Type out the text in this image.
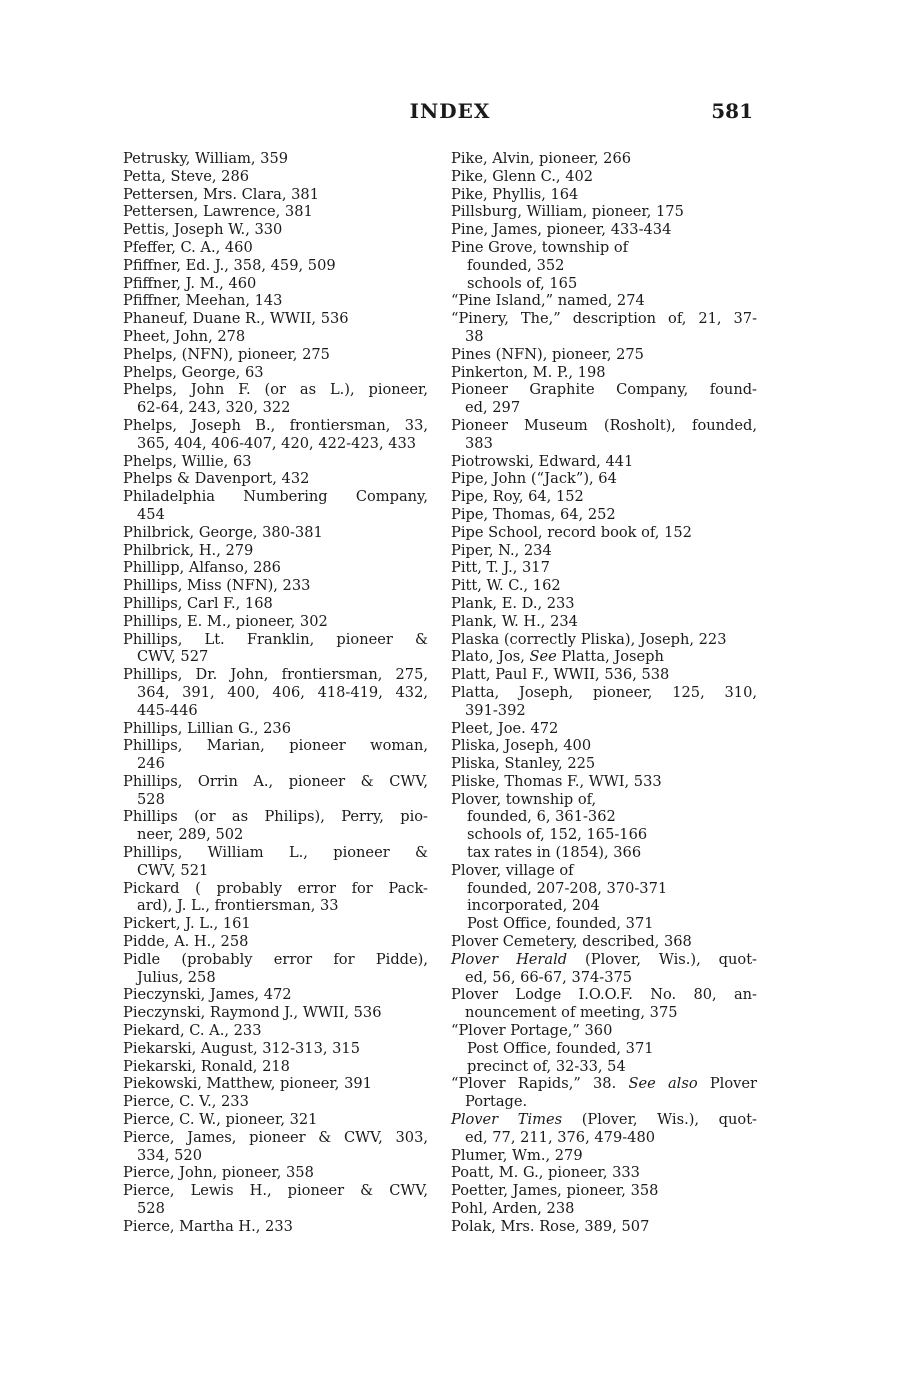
INDEX	581
Petrusky, William, 359
Petta, Steve, 286
Pettersen, Mrs. Clara, 381
Pettersen, Lawrence, 381
Pettis, Joseph W., 330
Pfeffer, C. A., 460
Pfiffner, Ed. J., 358, 459, 509
Pfiffner, J. M., 460
Pfiffner, Meehan, 143
Phaneuf, Duane R., WWII, 536
Pheet, John, 278
Phelps, (NFN), pioneer, 275
Phelps, George, 63
Phelps, John F. (or as L.), pioneer,
62-64, 243, 320, 322
Phelps, Joseph B., frontiersman, 33,
365, 404, 406-407, 420, 422-423, 433
Phelps, Willie, 63
Phelps & Davenport, 432
Philadelphia Numbering Company,
454
Philbrick, George, 380-381
Philbrick, H., 279
Phillipp, Alfanso, 286
Phillips, Miss (NFN), 233
Phillips, Carl F., 168
Phillips, E. M., pioneer, 302
Phillips, Lt. Franklin, pioneer &
CWV, 527
Phillips, Dr. John, frontiersman, 275,
364, 391, 400, 406, 418-419, 432,
445-446
Phillips, Lillian G., 236
Phillips, Marian, pioneer woman,
246
Phillips, Orrin A., pioneer & CWV,
528
Phillips (or as Philips), Perry, pio-
neer, 289, 502
Phillips, William L., pioneer &
CWV, 521
Pickard ( probably error for Pack-
ard), J. L., frontiersman, 33
Pickert, J. L., 161
Pidde, A. H., 258
Pidle (probably error for Pidde),
Julius, 258
Pieczynski, James, 472
Pieczynski, Raymond J., WWII, 536
Piekard, C. A., 233
Piekarski, August, 312-313, 315
Piekarski, Ronald, 218
Piekowski, Matthew, pioneer, 391
Pierce, C. V., 233
Pierce, C. W., pioneer, 321
Pierce, James, pioneer & CWV, 303,
334, 520
Pierce, John, pioneer, 358
Pierce, Lewis H., pioneer & CWV,
528
Pierce, Martha H., 233
Pike, Alvin, pioneer, 266
Pike, Glenn C., 402
Pike, Phyllis, 164
Pillsburg, William, pioneer, 175
Pine, James, pioneer, 433-434
Pine Grove, township of
founded, 352
schools of, 165
“Pine Island,” named, 274
“Pinery, The,” description of, 21, 37-
38
Pines (NFN), pioneer, 275
Pinkerton, M. P., 198
Pioneer Graphite Company, found-
ed, 297
Pioneer Museum (Rosholt), founded,
383
Piotrowski, Edward, 441
Pipe, John (“Jack”), 64
Pipe, Roy, 64, 152
Pipe, Thomas, 64, 252
Pipe School, record book of, 152
Piper, N., 234
Pitt, T. J., 317
Pitt, W. C., 162
Plank, E. D., 233
Plank, W. H., 234
Plaska (correctly Pliska), Joseph, 223
Plato, Jos, See Platta, Joseph
Platt, Paul F., WWII, 536, 538
Platta, Joseph, pioneer, 125, 310,
391-392
Pleet, Joe. 472
Pliska, Joseph, 400
Pliska, Stanley, 225
Pliske, Thomas F., WWI, 533
Plover, township of,
founded, 6, 361-362
schools of, 152, 165-166
tax rates in (1854), 366
Plover, village of
founded, 207-208, 370-371
incorporated, 204
Post Office, founded, 371
Plover Cemetery, described, 368
Plover Herald (Plover, Wis.), quot-
ed, 56, 66-67, 374-375
Plover Lodge I.O.O.F. No. 80, an-
nouncement of meeting, 375
“Plover Portage,” 360
Post Office, founded, 371
precinct of, 32-33, 54
“Plover Rapids,” 38. See also Plover
Portage.
Plover Times (Plover, Wis.), quot-
ed, 77, 211, 376, 479-480
Plumer, Wm., 279
Poatt, M. G., pioneer, 333
Poetter, James, pioneer, 358
Pohl, Arden, 238
Polak, Mrs. Rose, 389, 507
